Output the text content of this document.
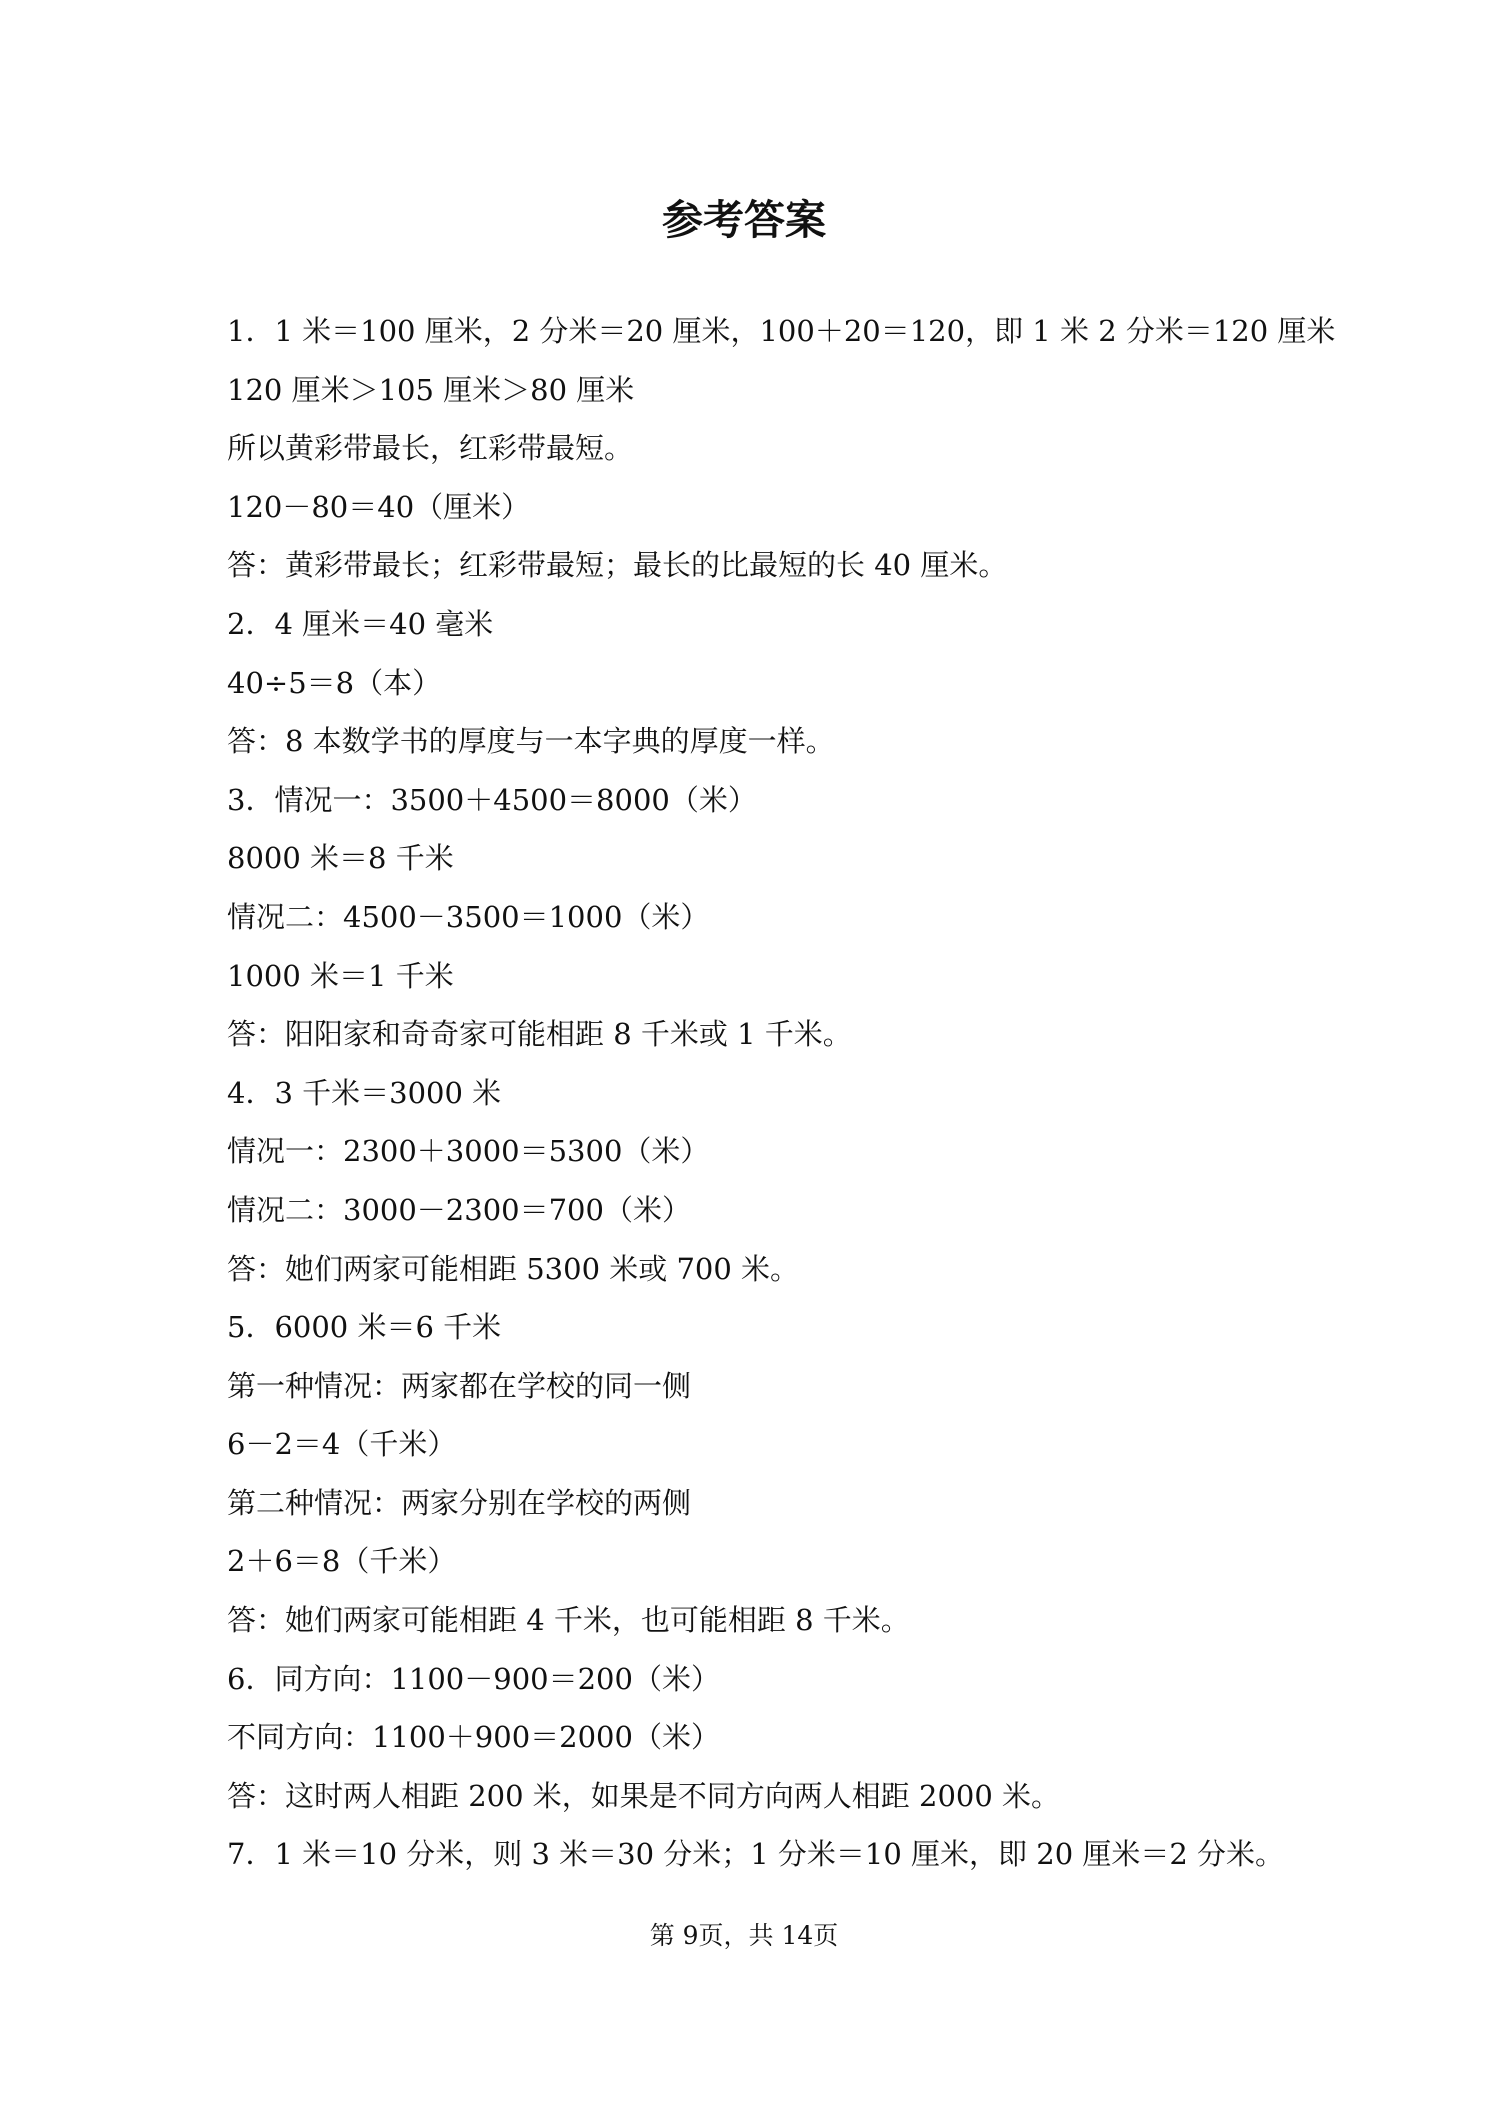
参考答案
1．1 米＝100 厘米，2 分米＝20 厘米，100＋20＝120，即 1 米 2 分米＝120 厘米
120 厘米＞105 厘米＞80 厘米
所以黄彩带最长，红彩带最短。
120－80＝40（厘米）
答：黄彩带最长；红彩带最短；最长的比最短的长 40 厘米。
2．4 厘米＝40 毫米
40÷5＝8（本）
答：8 本数学书的厚度与一本字典的厚度一样。
3．情况一：3500＋4500＝8000（米）
8000 米＝8 千米
情况二：4500－3500＝1000（米）
1000 米＝1 千米
答：阳阳家和奇奇家可能相距 8 千米或 1 千米。
4．3 千米＝3000 米
情况一：2300＋3000＝5300（米）
情况二：3000－2300＝700（米）
答：她们两家可能相距 5300 米或 700 米。
5．6000 米＝6 千米
第一种情况：两家都在学校的同一侧
6－2＝4（千米）
第二种情况：两家分别在学校的两侧
2＋6＝8（千米）
答：她们两家可能相距 4 千米，也可能相距 8 千米。
6．同方向：1100－900＝200（米）
不同方向：1100＋900＝2000（米）
答：这时两人相距 200 米，如果是不同方向两人相距 2000 米。
7．1 米＝10 分米，则 3 米＝30 分米；1 分米＝10 厘米，即 20 厘米＝2 分米。
第 9页，共 14页
